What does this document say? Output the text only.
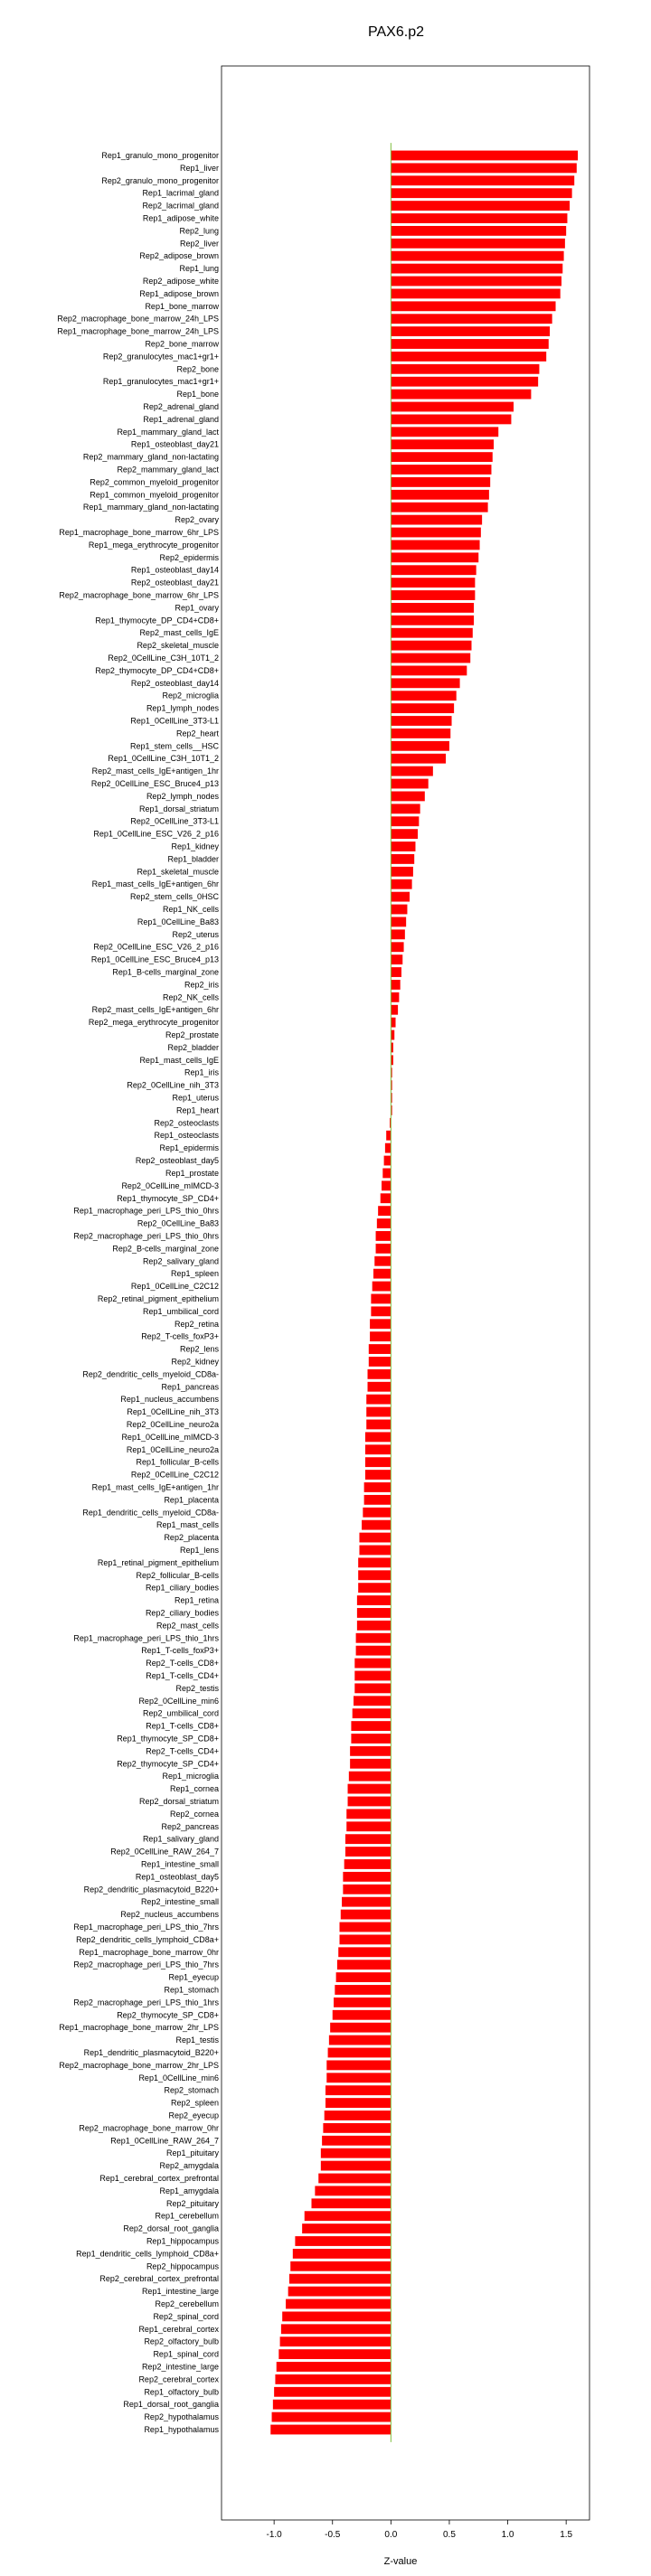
PAX6.p2
Rep1_granulo_mono_progenitor
Rep1_liver
Rep2_granulo_mono_progenitor
Rep1_lacrimal_gland
Rep2_lacrimal_gland
Rep1_adipose_white
Rep2_lung
Rep2_liver
Rep2_adipose_brown
Rep1_lung
Rep2_adipose_white
Rep1_adipose_brown
Rep1_bone_marrow
Rep2_macrophage_bone_marrow_24h_LPS
Rep1_macrophage_bone_marrow_24h_LPS
Rep2_bone_marrow
Rep2_granulocytes_mac1+gr1+
Rep2_bone
Rep1_granulocytes_mac1+gr1+
Rep1_bone
Rep2_adrenal_gland
Rep1_adrenal_gland
Rep1_mammary_gland_lact
Rep1_osteoblast_day21
Rep2_mammary_gland_non-lactating
Rep2_mammary_gland_lact
Rep2_common_myeloid_progenitor
Rep1_common_myeloid_progenitor
Rep1_mammary_gland_non-lactating
Rep2_ovary
Rep1_macrophage_bone_marrow_6hr_LPS
Rep1_mega_erythrocyte_progenitor
Rep2_epidermis
Rep1_osteoblast_day14
Rep2_osteoblast_day21
Rep2_macrophage_bone_marrow_6hr_LPS
Rep1_ovary
Rep1_thymocyte_DP_CD4+CD8+
Rep2_mast_cells_IgE
Rep2_skeletal_muscle
Rep2_0CellLine_C3H_10T1_2
Rep2_thymocyte_DP_CD4+CD8+
Rep2_osteoblast_day14
Rep2_microglia
Rep1_lymph_nodes
Rep1_0CellLine_3T3-L1
Rep2_heart
Rep1_stem_cells__HSC
Rep1_0CellLine_C3H_10T1_2
Rep2_mast_cells_IgE+antigen_1hr
Rep2_0CellLine_ESC_Bruce4_p13
Rep2_lymph_nodes
Rep1_dorsal_striatum
Rep2_0CellLine_3T3-L1
Rep1_0CellLine_ESC_V26_2_p16
Rep1_kidney
Rep1_bladder
Rep1_skeletal_muscle
Rep1_mast_cells_IgE+antigen_6hr
Rep2_stem_cells_0HSC
Rep1_NK_cells
Rep1_0CellLine_Ba83
Rep2_uterus
Rep2_0CellLine_ESC_V26_2_p16
Rep1_0CellLine_ESC_Bruce4_p13
Rep1_B-cells_marginal_zone
Rep2_iris
Rep2_NK_cells
Rep2_mast_cells_IgE+antigen_6hr
Rep2_mega_erythrocyte_progenitor
Rep2_prostate
Rep2_bladder
Rep1_mast_cells_IgE
Rep1_iris
Rep2_0CellLine_nih_3T3
Rep1_uterus
Rep1_heart
Rep2_osteoclasts
Rep1_osteoclasts
Rep1_epidermis
Rep2_osteoblast_day5
Rep1_prostate
Rep2_0CellLine_mIMCD-3
Rep1_thymocyte_SP_CD4+
Rep1_macrophage_peri_LPS_thio_0hrs
Rep2_0CellLine_Ba83
Rep2_macrophage_peri_LPS_thio_0hrs
Rep2_B-cells_marginal_zone
Rep2_salivary_gland
Rep1_spleen
Rep1_0CellLine_C2C12
Rep2_retinal_pigment_epithelium
Rep1_umbilical_cord
Rep2_retina
Rep2_T-cells_foxP3+
Rep2_lens
Rep2_kidney
Rep2_dendritic_cells_myeloid_CD8a-
Rep1_pancreas
Rep1_nucleus_accumbens
Rep1_0CellLine_nih_3T3
Rep2_0CellLine_neuro2a
Rep1_0CellLine_mIMCD-3
Rep1_0CellLine_neuro2a
Rep1_follicular_B-cells
Rep2_0CellLine_C2C12
Rep1_mast_cells_IgE+antigen_1hr
Rep1_placenta
Rep1_dendritic_cells_myeloid_CD8a-
Rep1_mast_cells
Rep2_placenta
Rep1_lens
Rep1_retinal_pigment_epithelium
Rep2_follicular_B-cells
Rep1_ciliary_bodies
Rep1_retina
Rep2_ciliary_bodies
Rep2_mast_cells
Rep1_macrophage_peri_LPS_thio_1hrs
Rep1_T-cells_foxP3+
Rep2_T-cells_CD8+
Rep1_T-cells_CD4+
Rep2_testis
Rep2_0CellLine_min6
Rep2_umbilical_cord
Rep1_T-cells_CD8+
Rep1_thymocyte_SP_CD8+
Rep2_T-cells_CD4+
Rep2_thymocyte_SP_CD4+
Rep1_microglia
Rep1_cornea
Rep2_dorsal_striatum
Rep2_cornea
Rep2_pancreas
Rep1_salivary_gland
Rep2_0CellLine_RAW_264_7
Rep1_intestine_small
Rep1_osteoblast_day5
Rep2_dendritic_plasmacytoid_B220+
Rep2_intestine_small
Rep2_nucleus_accumbens
Rep1_macrophage_peri_LPS_thio_7hrs
Rep2_dendritic_cells_lymphoid_CD8a+
Rep1_macrophage_bone_marrow_0hr
Rep2_macrophage_peri_LPS_thio_7hrs
Rep1_eyecup
Rep1_stomach
Rep2_macrophage_peri_LPS_thio_1hrs
Rep2_thymocyte_SP_CD8+
Rep1_macrophage_bone_marrow_2hr_LPS
Rep1_testis
Rep1_dendritic_plasmacytoid_B220+
Rep2_macrophage_bone_marrow_2hr_LPS
Rep1_0CellLine_min6
Rep2_stomach
Rep2_spleen
Rep2_eyecup
Rep2_macrophage_bone_marrow_0hr
Rep1_0CellLine_RAW_264_7
Rep1_pituitary
Rep2_amygdala
Rep1_cerebral_cortex_prefrontal
Rep1_amygdala
Rep2_pituitary
Rep1_cerebellum
Rep2_dorsal_root_ganglia
Rep1_hippocampus
Rep1_dendritic_cells_lymphoid_CD8a+
Rep2_hippocampus
Rep2_cerebral_cortex_prefrontal
Rep1_intestine_large
Rep2_cerebellum
Rep2_spinal_cord
Rep1_cerebral_cortex
Rep2_olfactory_bulb
Rep1_spinal_cord
Rep2_intestine_large
Rep2_cerebral_cortex
Rep1_olfactory_bulb
Rep1_dorsal_root_ganglia
Rep2_hypothalamus
Rep1_hypothalamus
-1.0	-0.5	0.0	0.5	1.0	1.5
Z-value
